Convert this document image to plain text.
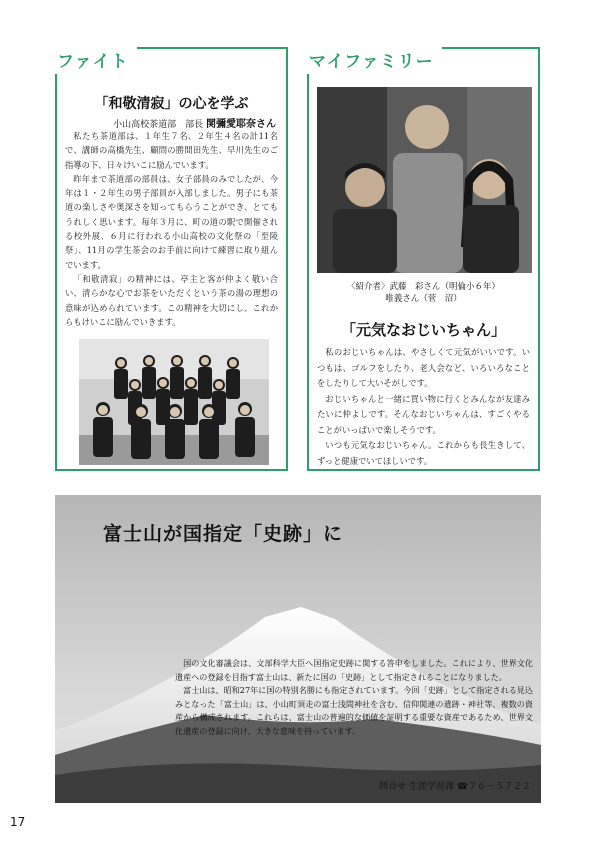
ファイト
「和敬清寂」の心を学ぶ
小山高校茶道部　部長 関彌愛耶奈さん

私たち茶道部は、１年生７名、２年生４名の計11名で、講師の高橋先生、顧問の勝間田先生、早川先生のご指導の下、日々けいこに励んでいます。

昨年まで茶道部の部員は、女子部員のみでしたが、今年は１・２年生の男子部員が入部しました。男子にも茶道の楽しさや奥深さを知ってもらうことができ、とてもうれしく思います。毎年３月に、町の道の駅で開催される校外展、６月に行われる小山高校の文化祭の「至陵祭」、11月の学生茶会のお手前に向けて練習に取り組んでいます。

「和敬清寂」の精神には、亭主と客が仲よく敬い合い、清らかな心でお茶をいただくという茶の湯の理想の意味が込められています。この精神を大切にし、これからもけいこに励んでいきます。

マイファミリー
〈紹介者〉武藤　彩さん（明倫小６年）
唯義さん（菅　沼）
「元気なおじいちゃん」

私のおじいちゃんは、やさしくて元気がいいです。いつもは、ゴルフをしたり、老人会など、いろいろなことをしたりして大いそがしです。

おじいちゃんと一緒に買い物に行くとみんなが友達みたいに仲よしです。そんなおじいちゃんは、すごくやることがいっぱいで楽しそうです。

いつも元気なおじいちゃん。これからも長生きして、ずっと健康でいてほしいです。

富士山が国指定「史跡」に

国の文化審議会は、文部科学大臣へ国指定史跡に関する答申をしました。これにより、世界文化遺産への登録を目指す富士山は、新たに国の「史跡」として指定されることになりました。

富士山は、昭和27年に国の特別名勝にも指定されています。今回「史跡」として指定される見込みとなった「富士山」は、小山町須走の富士浅間神社を含む、信仰関連の遺跡・神社等、複数の資産から構成されます。これらは、富士山の普遍的な価値を証明する重要な資産であるため、世界文化遺産の登録に向け、大きな意味を持っています。

問合せ 生涯学習課 ☎７６－５７２２
17
